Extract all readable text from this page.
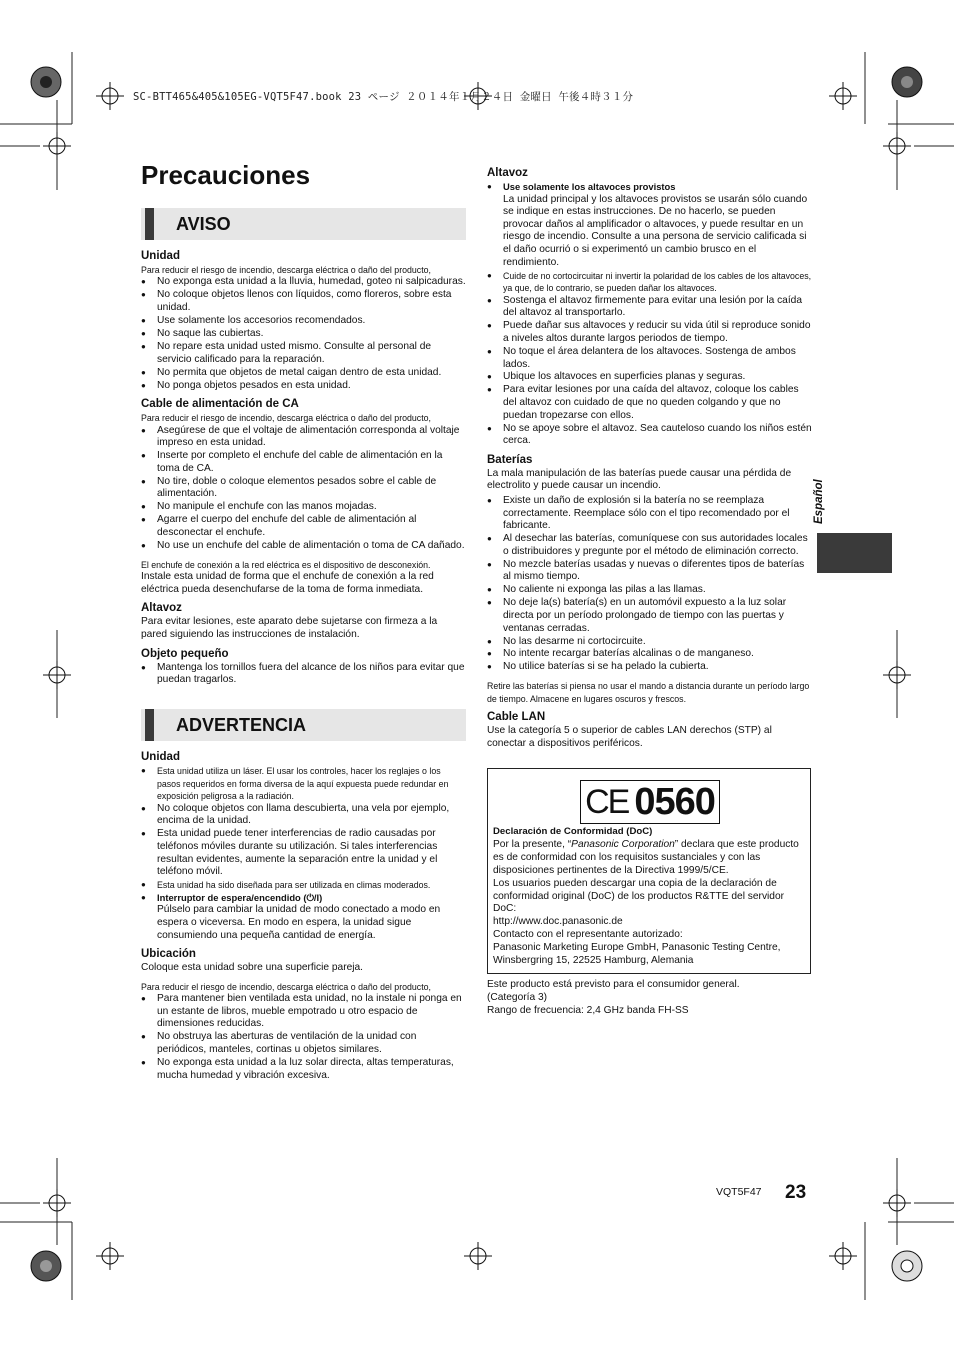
SC-BTT465&405&105EG-VQT5F47.book 23 ページ ２０１４年１月２４日 金曜日 午後４時３１分
Precauciones
AVISO
Unidad

Para reducir el riesgo de incendio, descarga eléctrica o daño del producto,

● No exponga esta unidad a la lluvia, humedad, goteo ni salpicaduras.
● No coloque objetos llenos con líquidos, como floreros, sobre esta unidad.
● Use solamente los accesorios recomendados.
● No saque las cubiertas.
● No repare esta unidad usted mismo. Consulte al personal de servicio calificado para la reparación.
● No permita que objetos de metal caigan dentro de esta unidad.
● No ponga objetos pesados en esta unidad.
Cable de alimentación de CA

Para reducir el riesgo de incendio, descarga eléctrica o daño del producto,

● Asegúrese de que el voltaje de alimentación corresponda al voltaje impreso en esta unidad.
● Inserte por completo el enchufe del cable de alimentación en la toma de CA.
● No tire, doble o coloque elementos pesados sobre el cable de alimentación.
● No manipule el enchufe con las manos mojadas.
● Agarre el cuerpo del enchufe del cable de alimentación al desconectar el enchufe.
● No use un enchufe del cable de alimentación o toma de CA dañado.

El enchufe de conexión a la red eléctrica es el dispositivo de desconexión.

Instale esta unidad de forma que el enchufe de conexión a la red eléctrica pueda desenchufarse de la toma de forma inmediata.

Altavoz

Para evitar lesiones, este aparato debe sujetarse con firmeza a la pared siguiendo las instrucciones de instalación.

Objeto pequeño
● Mantenga los tornillos fuera del alcance de los niños para evitar que puedan tragarlos.
ADVERTENCIA
Unidad
● Esta unidad utiliza un láser. El usar los controles, hacer los reglajes o los pasos requeridos en forma diversa de la aquí expuesta puede redundar en exposición peligrosa a la radiación.
● No coloque objetos con llama descubierta, una vela por ejemplo, encima de la unidad.
● Esta unidad puede tener interferencias de radio causadas por teléfonos móviles durante su utilización. Si tales interferencias resultan evidentes, aumente la separación entre la unidad y el teléfono móvil.
● Esta unidad ha sido diseñada para ser utilizada en climas moderados.
● Interruptor de espera/encendido (⏻/I)
Púlselo para cambiar la unidad de modo conectado a modo en espera o viceversa. En modo en espera, la unidad sigue consumiendo una pequeña cantidad de energía.
Ubicación

Coloque esta unidad sobre una superficie pareja.

Para reducir el riesgo de incendio, descarga eléctrica o daño del producto,

● Para mantener bien ventilada esta unidad, no la instale ni ponga en un estante de libros, mueble empotrado u otro espacio de dimensiones reducidas.
● No obstruya las aberturas de ventilación de la unidad con periódicos, manteles, cortinas u objetos similares.
● No exponga esta unidad a la luz solar directa, altas temperaturas, mucha humedad y vibración excesiva.
Altavoz
● Use solamente los altavoces provistos
La unidad principal y los altavoces provistos se usarán sólo cuando se indique en estas instrucciones. De no hacerlo, se pueden provocar daños al amplificador o altavoces, y puede resultar en un riesgo de incendio. Consulte a una persona de servicio calificada si el daño ocurrió o si experimentó un cambio brusco en el rendimiento.
● Cuide de no cortocircuitar ni invertir la polaridad de los cables de los altavoces, ya que, de lo contrario, se pueden dañar los altavoces.
● Sostenga el altavoz firmemente para evitar una lesión por la caída del altavoz al transportarlo.
● Puede dañar sus altavoces y reducir su vida útil si reproduce sonido a niveles altos durante largos periodos de tiempo.
● No toque el área delantera de los altavoces. Sostenga de ambos lados.
● Ubique los altavoces en superficies planas y seguras.
● Para evitar lesiones por una caída del altavoz, coloque los cables del altavoz con cuidado de que no queden colgando y que no puedan tropezarse con ellos.
● No se apoye sobre el altavoz. Sea cauteloso cuando los niños estén cerca.
Baterías

La mala manipulación de las baterías puede causar una pérdida de electrolito y puede causar un incendio.

● Existe un daño de explosión si la batería no se reemplaza correctamente. Reemplace sólo con el tipo recomendado por el fabricante.
● Al desechar las baterías, comuníquese con sus autoridades locales o distribuidores y pregunte por el método de eliminación correcto.
● No mezcle baterías usadas y nuevas o diferentes tipos de baterías al mismo tiempo.
● No caliente ni exponga las pilas a las llamas.
● No deje la(s) batería(s) en un automóvil expuesto a la luz solar directa por un período prolongado de tiempo con las puertas y ventanas cerradas.
● No las desarme ni cortocircuite.
● No intente recargar baterías alcalinas o de manganeso.
● No utilice baterías si se ha pelado la cubierta.

Retire las baterías si piensa no usar el mando a distancia durante un período largo de tiempo. Almacene en lugares oscuros y frescos.

Cable LAN

Use la categoría 5 o superior de cables LAN derechos (STP) al conectar a dispositivos periféricos.

CE 0560
Declaración de Conformidad (DoC)
Por la presente, “Panasonic Corporation” declara que este producto es de conformidad con los requisitos sustanciales y con las disposiciones pertinentes de la Directiva 1999/5/CE.
Los usuarios pueden descargar una copia de la declaración de conformidad original (DoC) de los productos R&TTE del servidor DoC:
http://www.doc.panasonic.de
Contacto con el representante autorizado:
Panasonic Marketing Europe GmbH, Panasonic Testing Centre, Winsbergring 15, 22525 Hamburg, Alemania
Este producto está previsto para el consumidor general.
(Categoría 3)
Rango de frecuencia: 2,4 GHz banda FH-SS
Español
VQT5F47 23
